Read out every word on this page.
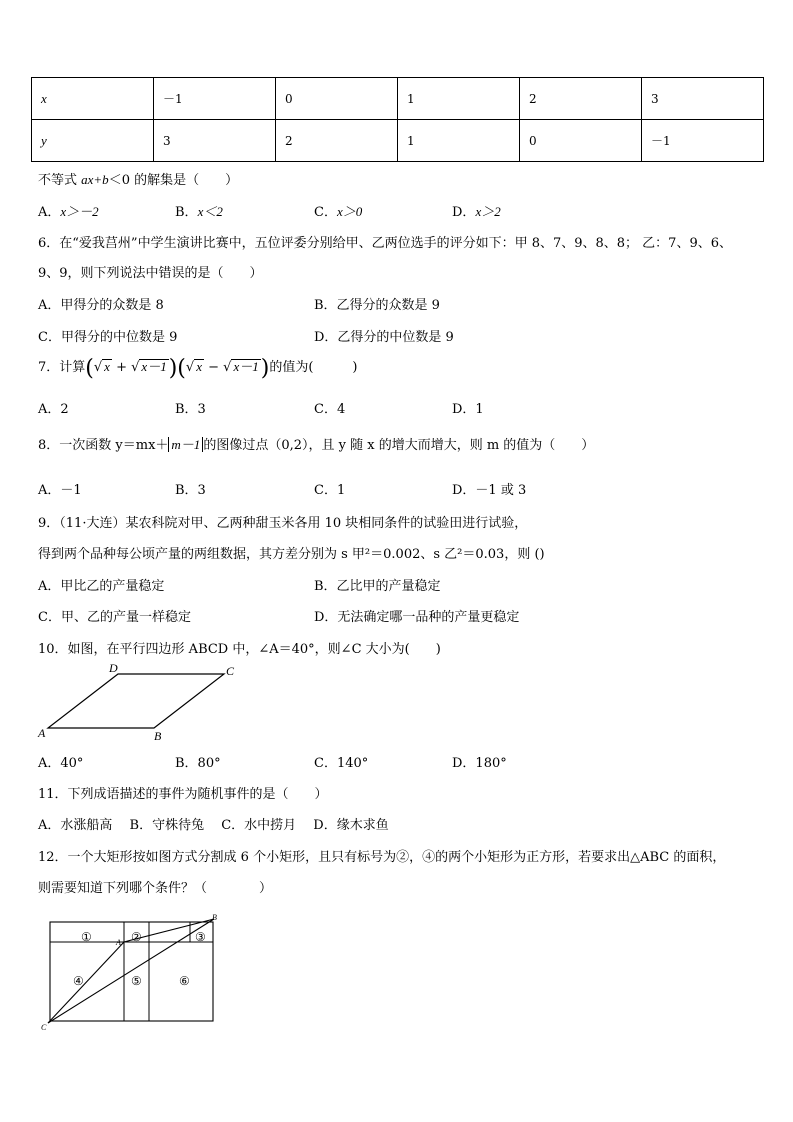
x	－1	0	1	2	3
y	3	2	1	0	－1
不等式 ax+b＜0 的解集是（　　）
A．x＞－2	B．x＜2	C．x＞0	D．x＞2
6．在“爱我莒州”中学生演讲比赛中，五位评委分别给甲、乙两位选手的评分如下：甲 8、7、9、8、8； 乙：7、9、6、
9、9，则下列说法中错误的是（　　）
A．甲得分的众数是 8	B．乙得分的众数是 9
C．甲得分的中位数是 9	D．乙得分的中位数是 9
7．计算(√ x + √ x－1)(√ x − √ x－1)的值为(　　　)
A．2	B．3	C．4	D．1
8．一次函数 y＝mx＋ m－1 的图像过点（0,2），且 y 随 x 的增大而增大，则 m 的值为（　　）
A．－1	B．3	C．1	D．－1 或 3
9．（11·大连）某农科院对甲、乙两种甜玉米各用 10 块相同条件的试验田进行试验，
得到两个品种每公顷产量的两组数据，其方差分别为 s 甲²＝0.002、s 乙²＝0.03，则 ()
A．甲比乙的产量稳定	B．乙比甲的产量稳定
C．甲、乙的产量一样稳定	D．无法确定哪一品种的产量更稳定
10．如图，在平行四边形 ABCD 中，∠A＝40°，则∠C 大小为(　　)
A	B
C
D
A．40°	B．80°	C．140°	D．180°
11．下列成语描述的事件为随机事件的是（　　）
A．水涨船高　 B．守株待兔　 C．水中捞月　 D．缘木求鱼
12．一个大矩形按如图方式分割成 6 个小矩形，且只有标号为②，④的两个小矩形为正方形，若要求出△ABC 的面积，
则需要知道下列哪个条件？（　　　　）
①	②	③
④	⑤	⑥
A
B
C
